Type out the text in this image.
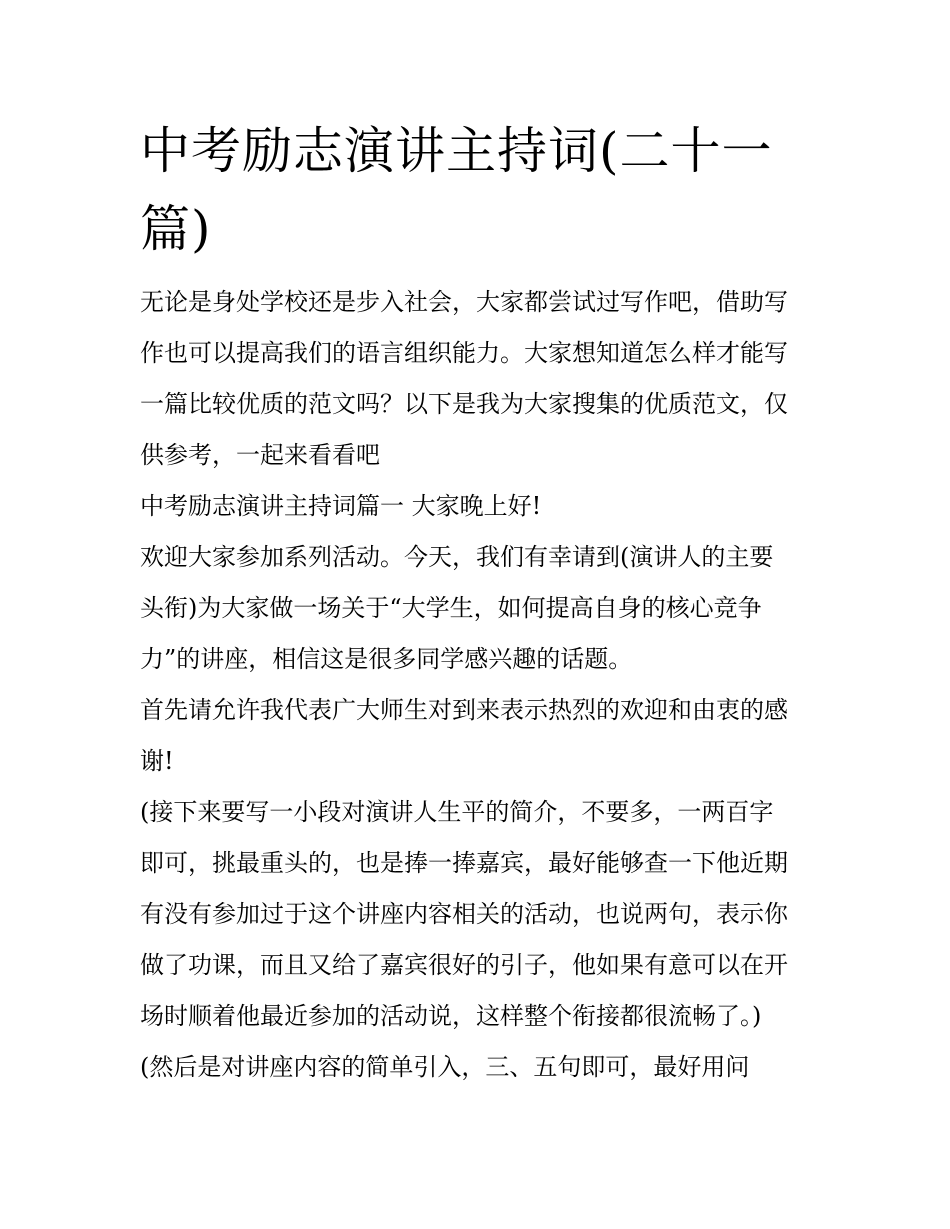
中考励志演讲主持词(二十一
篇)
无论是身处学校还是步入社会，大家都尝试过写作吧，借助写
作也可以提高我们的语言组织能力。大家想知道怎么样才能写
一篇比较优质的范文吗？以下是我为大家搜集的优质范文，仅
供参考，一起来看看吧
中考励志演讲主持词篇一 大家晚上好!
欢迎大家参加系列活动。今天，我们有幸请到(演讲人的主要
头衔)为大家做一场关于“大学生，如何提高自身的核心竞争
力”的讲座，相信这是很多同学感兴趣的话题。
首先请允许我代表广大师生对到来表示热烈的欢迎和由衷的感
谢!
(接下来要写一小段对演讲人生平的简介，不要多，一两百字
即可，挑最重头的，也是捧一捧嘉宾，最好能够查一下他近期
有没有参加过于这个讲座内容相关的活动，也说两句，表示你
做了功课，而且又给了嘉宾很好的引子，他如果有意可以在开
场时顺着他最近参加的活动说，这样整个衔接都很流畅了。)
(然后是对讲座内容的简单引入，三、五句即可，最好用问
